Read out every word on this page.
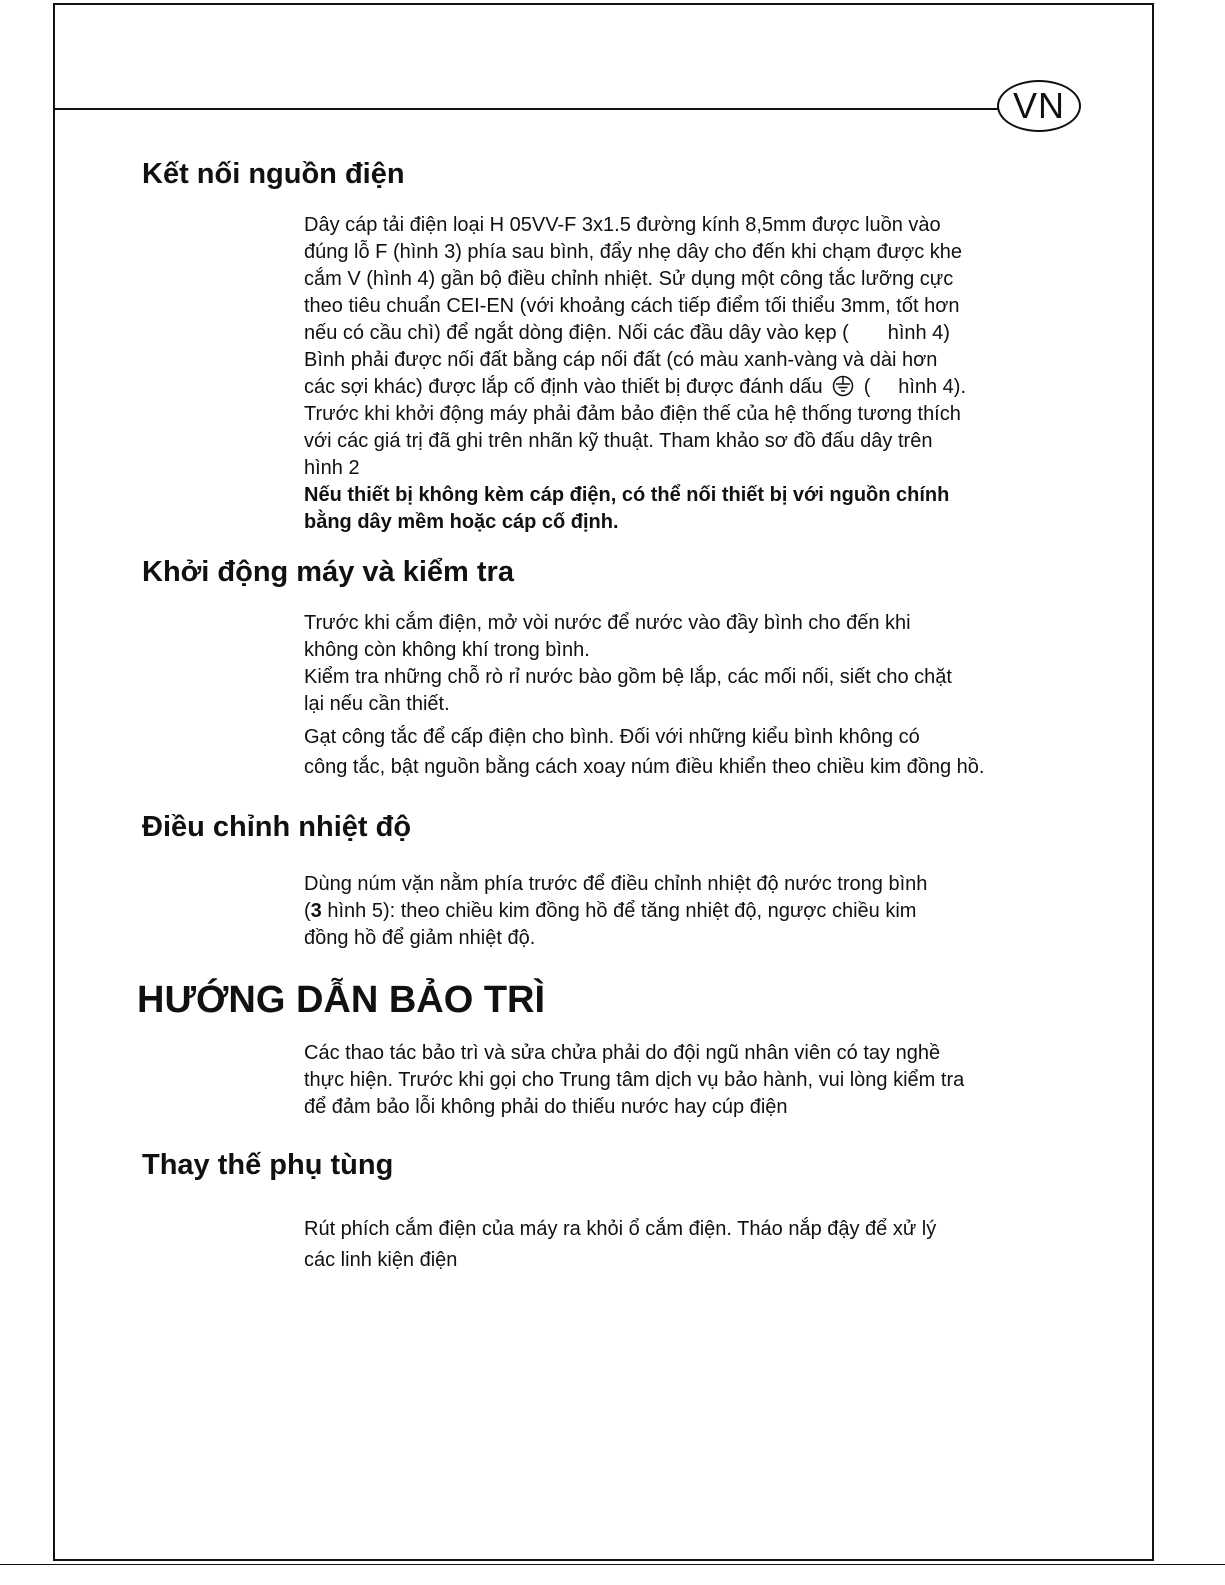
VN
Kết nối nguồn điện
Dây cáp tải điện loại H 05VV-F 3x1.5 đường kính 8,5mm được luồn vào
đúng lỗ F (hình 3) phía sau bình, đẩy nhẹ dây cho đến khi chạm được khe
cắm V (hình 4) gần bộ điều chỉnh nhiệt. Sử dụng một công tắc lưỡng cực
theo tiêu chuẩn CEI-EN (với khoảng cách tiếp điểm tối thiểu 3mm, tốt hơn
nếu có cầu chì) để ngắt dòng điện. Nối các đầu dây vào kẹp (       hình 4)
Bình phải được nối đất bằng cáp nối đất (có màu xanh-vàng và dài hơn
các sợi khác) được lắp cố định vào thiết bị được đánh dấu (     hình 4).
Trước khi khởi động máy phải đảm bảo điện thế của hệ thống tương thích
với các giá trị đã ghi trên nhãn kỹ thuật. Tham khảo sơ đồ đấu dây trên
hình 2
Nếu thiết bị không kèm cáp điện, có thể nối thiết bị với nguồn chính
bằng dây mềm hoặc cáp cố định.
Khởi động máy và kiểm tra
Trước khi cắm điện, mở vòi nước để nước vào đầy bình cho đến khi
không còn không khí trong bình.
Kiểm tra những chỗ rò rỉ nước bào gồm bệ lắp, các mối nối, siết cho chặt
lại nếu cần thiết.
Gạt công tắc để cấp điện cho bình. Đối với những kiểu bình không có
công tắc, bật nguồn bằng cách xoay núm điều khiển theo chiều kim đồng hồ.
Điều chỉnh nhiệt độ
Dùng núm vặn nằm phía trước để điều chỉnh nhiệt độ nước trong bình
(3 hình 5): theo chiều kim đồng hồ để tăng nhiệt độ, ngược chiều kim
đồng hồ để giảm nhiệt độ.
HƯỚNG DẪN BẢO TRÌ
Các thao tác bảo trì và sửa chửa phải do đội ngũ nhân viên có tay nghề
thực hiện. Trước khi gọi cho Trung tâm dịch vụ bảo hành, vui lòng kiểm tra
để đảm bảo lỗi không phải do thiếu nước hay cúp điện
Thay thế phụ tùng
Rút phích cắm điện của máy ra khỏi ổ cắm điện. Tháo nắp đậy để xử lý
các linh kiện điện
